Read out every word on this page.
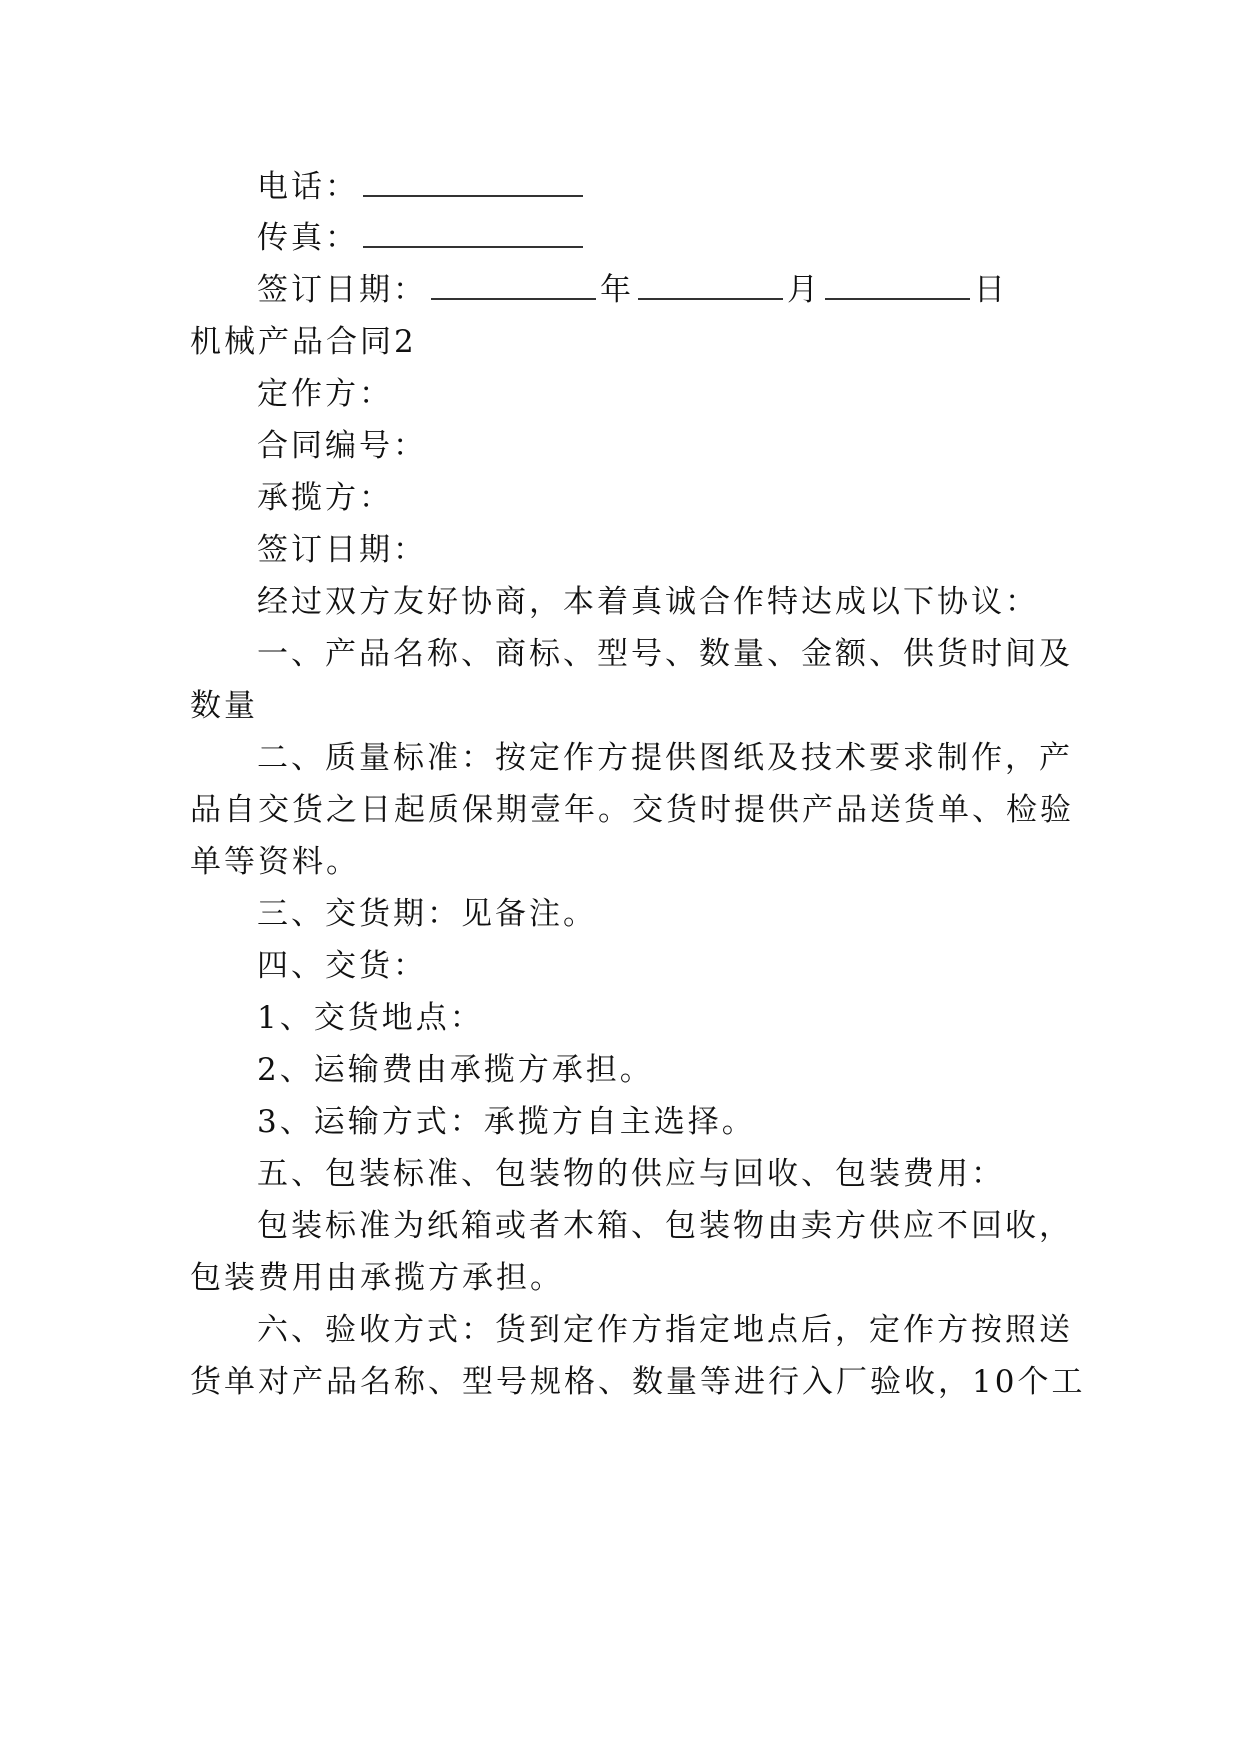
电话：
传真：
签订日期：	年	月	日
机械产品合同2
定作方：
合同编号：
承揽方：
签订日期：
经过双方友好协商，本着真诚合作特达成以下协议：
一、产品名称、商标、型号、数量、金额、供货时间及
数量
二、质量标准：按定作方提供图纸及技术要求制作，产
品自交货之日起质保期壹年。交货时提供产品送货单、检验
单等资料。
三、交货期：见备注。
四、交货：
1、交货地点：
2、运输费由承揽方承担。
3、运输方式：承揽方自主选择。
五、包装标准、包装物的供应与回收、包装费用：
包装标准为纸箱或者木箱、包装物由卖方供应不回收，
包装费用由承揽方承担。
六、验收方式：货到定作方指定地点后，定作方按照送
货单对产品名称、型号规格、数量等进行入厂验收，10个工
